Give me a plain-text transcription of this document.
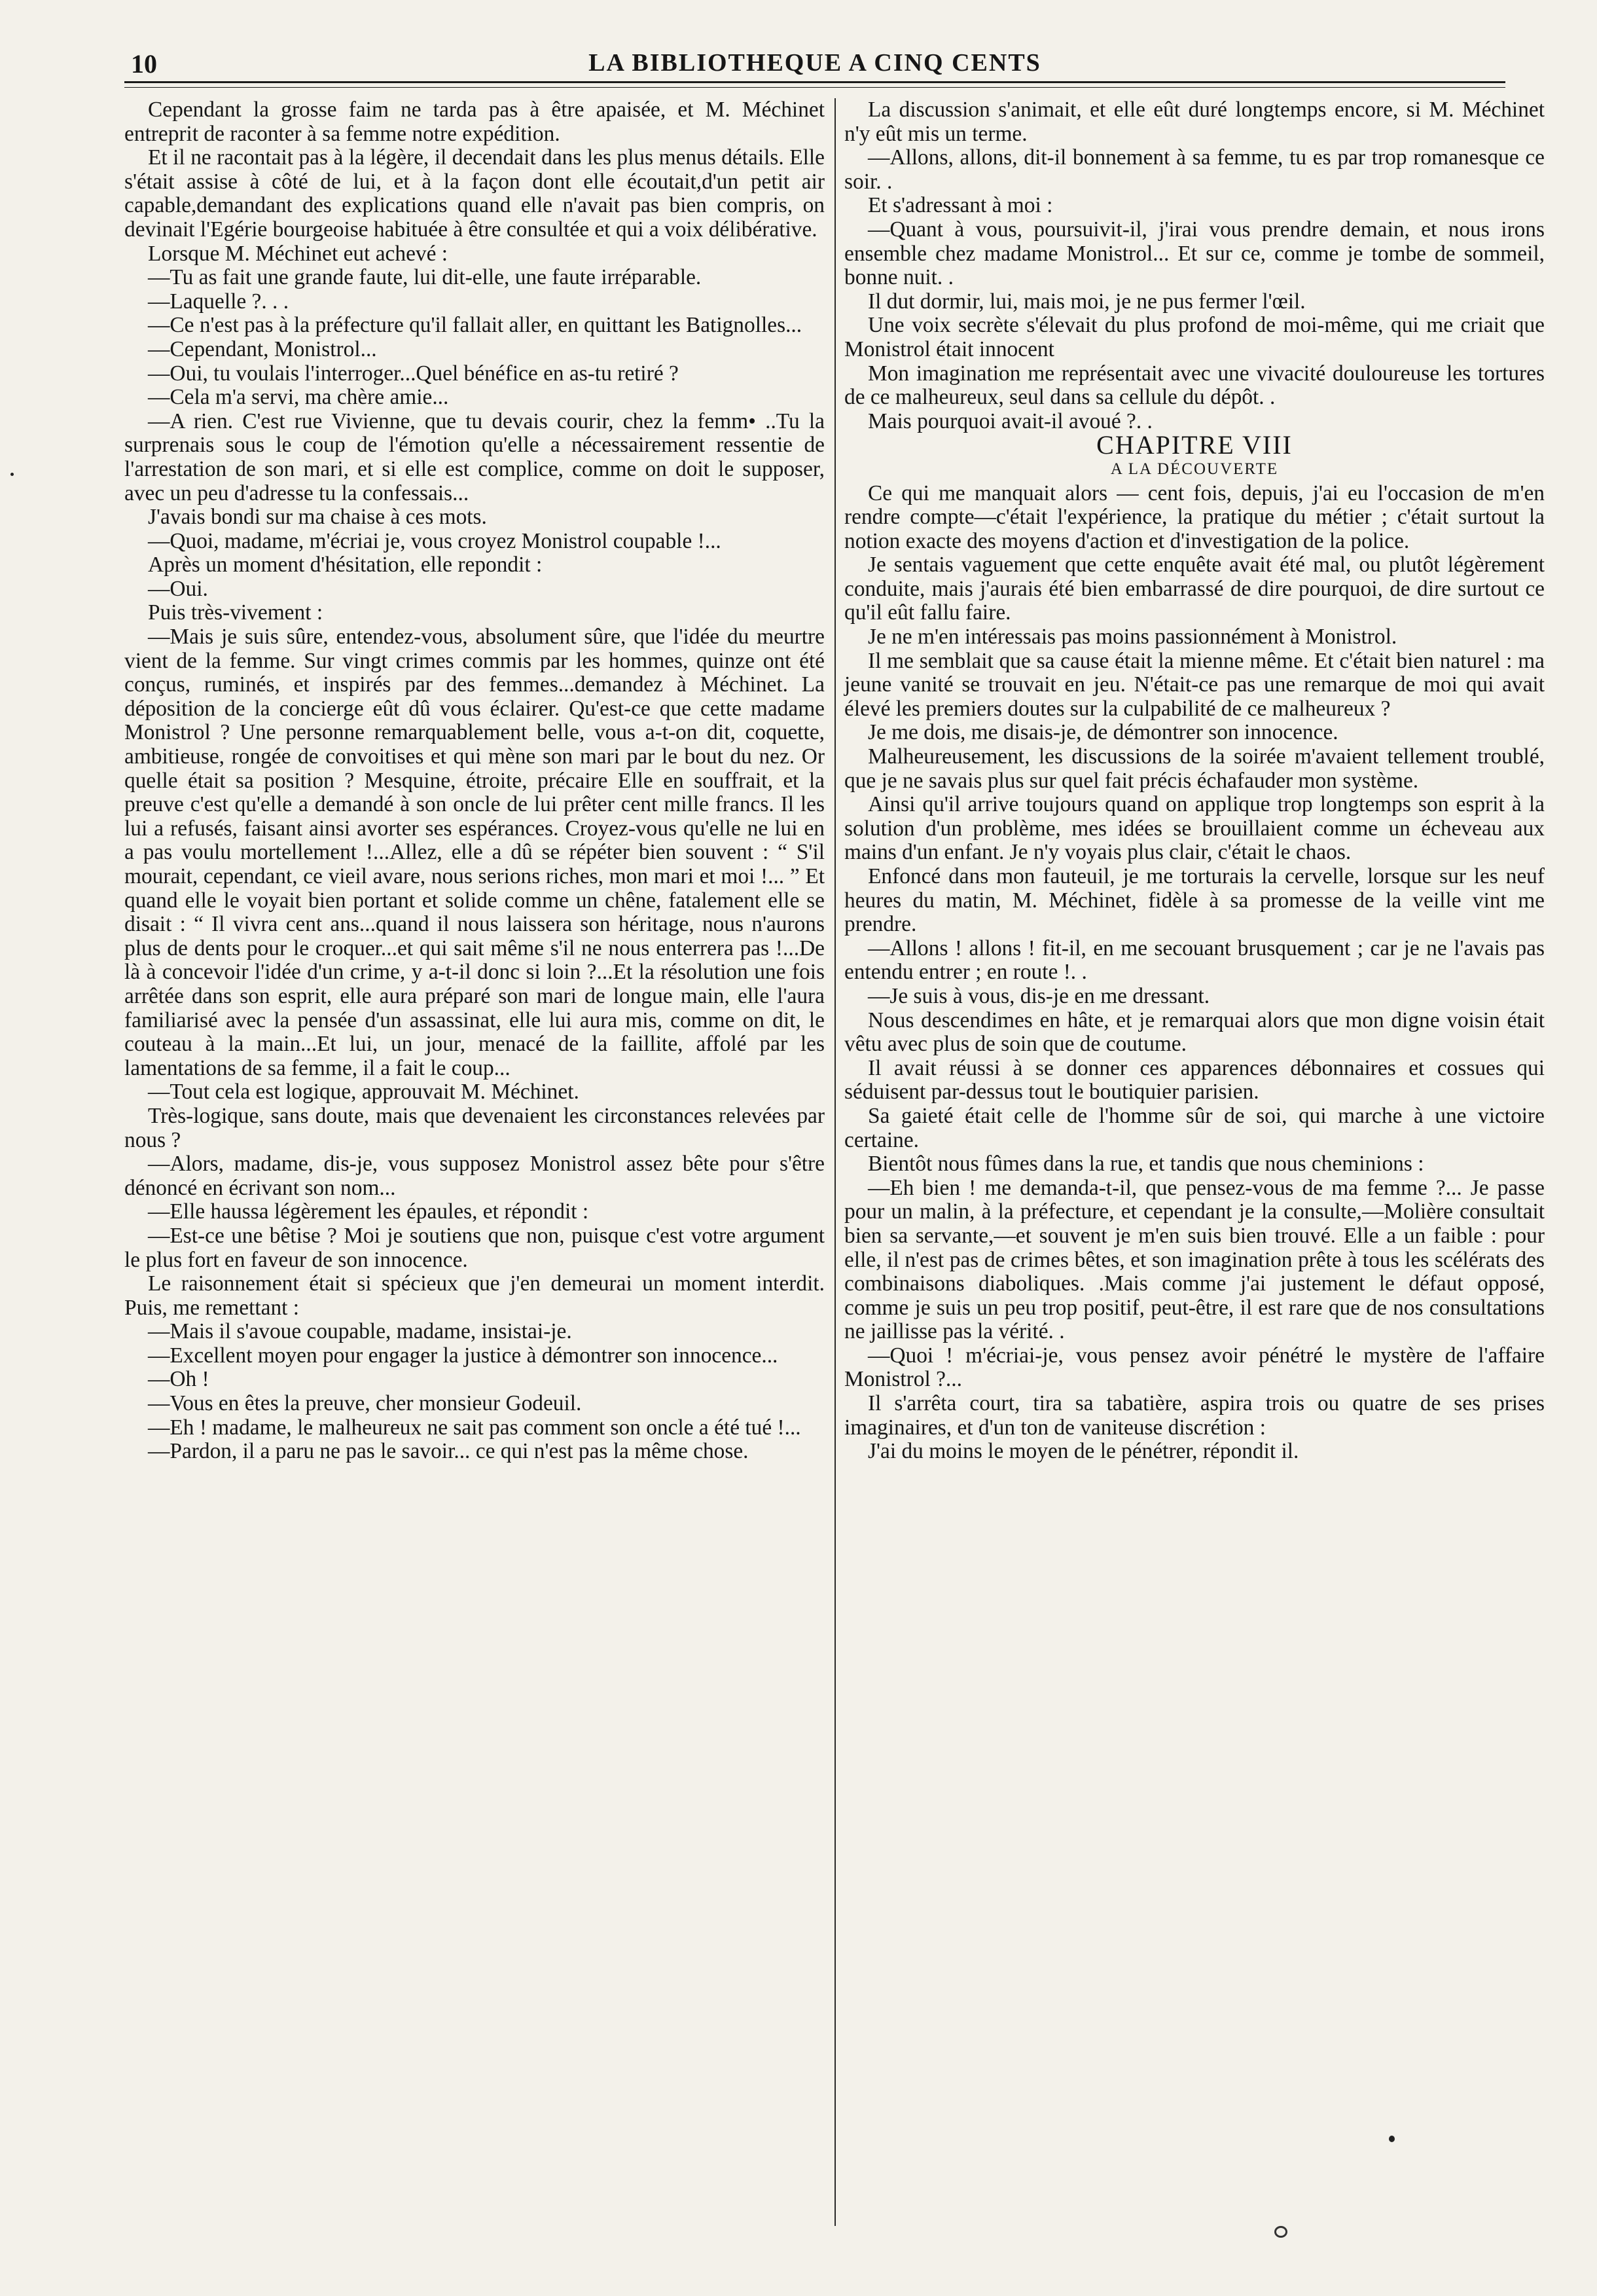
10	LA BIBLIOTHEQUE A CINQ CENTS

Cependant la grosse faim ne tarda pas à être apaisée, et M. Méchinet entreprit de raconter à sa femme notre expédition.

Et il ne racontait pas à la légère, il decendait dans les plus menus détails. Elle s'était assise à côté de lui, et à la façon dont elle écoutait,d'un petit air capable,demandant des explications quand elle n'avait pas bien compris, on devinait l'Egérie bourgeoise habituée à être consultée et qui a voix délibérative.

Lorsque M. Méchinet eut achevé :

—Tu as fait une grande faute, lui dit-elle, une faute irréparable.

—Laquelle ?. . .

—Ce n'est pas à la préfecture qu'il fallait aller, en quittant les Batignolles...

—Cependant, Monistrol...

—Oui, tu voulais l'interroger...Quel bénéfice en as-tu retiré ?

—Cela m'a servi, ma chère amie...

—A rien. C'est rue Vivienne, que tu devais courir, chez la femm• ..Tu la surprenais sous le coup de l'émotion qu'elle a nécessairement ressentie de l'arrestation de son mari, et si elle est complice, comme on doit le supposer, avec un peu d'adresse tu la confessais...

J'avais bondi sur ma chaise à ces mots.

—Quoi, madame, m'écriai je, vous croyez Monistrol coupable !...

Après un moment d'hésitation, elle repondit :

—Oui.

Puis très-vivement :

—Mais je suis sûre, entendez-vous, absolument sûre, que l'idée du meurtre vient de la femme. Sur vingt crimes commis par les hommes, quinze ont été conçus, ruminés, et inspirés par des femmes...demandez à Méchinet. La déposition de la concierge eût dû vous éclairer. Qu'est-ce que cette madame Monistrol ? Une personne remarquablement belle, vous a-t-on dit, coquette, ambitieuse, rongée de convoitises et qui mène son mari par le bout du nez. Or quelle était sa position ? Mesquine, étroite, précaire Elle en souffrait, et la preuve c'est qu'elle a demandé à son oncle de lui prêter cent mille francs. Il les lui a refusés, faisant ainsi avorter ses espérances. Croyez-vous qu'elle ne lui en a pas voulu mortellement !...Allez, elle a dû se répéter bien souvent : “ S'il mourait, cependant, ce vieil avare, nous serions riches, mon mari et moi !... ” Et quand elle le voyait bien portant et solide comme un chêne, fatalement elle se disait : “ Il vivra cent ans...quand il nous laissera son héritage, nous n'aurons plus de dents pour le croquer...et qui sait même s'il ne nous enterrera pas !...De là à concevoir l'idée d'un crime, y a-t-il donc si loin ?...Et la résolution une fois arrêtée dans son esprit, elle aura préparé son mari de longue main, elle l'aura familiarisé avec la pensée d'un assassinat, elle lui aura mis, comme on dit, le couteau à la main...Et lui, un jour, menacé de la faillite, affolé par les lamentations de sa femme, il a fait le coup...

—Tout cela est logique, approuvait M. Méchinet.

Très-logique, sans doute, mais que devenaient les circonstances relevées par nous ?

—Alors, madame, dis-je, vous supposez Monistrol assez bête pour s'être dénoncé en écrivant son nom...

—Elle haussa légèrement les épaules, et répondit :

—Est-ce une bêtise ? Moi je soutiens que non, puisque c'est votre argument le plus fort en faveur de son innocence.

Le raisonnement était si spécieux que j'en demeurai un moment interdit. Puis, me remettant :

—Mais il s'avoue coupable, madame, insistai-je.

—Excellent moyen pour engager la justice à démontrer son innocence...

—Oh !

—Vous en êtes la preuve, cher monsieur Godeuil.

—Eh ! madame, le malheureux ne sait pas comment son oncle a été tué !...

—Pardon, il a paru ne pas le savoir... ce qui n'est pas la même chose.

La discussion s'animait, et elle eût duré longtemps encore, si M. Méchinet n'y eût mis un terme.

—Allons, allons, dit-il bonnement à sa femme, tu es par trop romanesque ce soir. .

Et s'adressant à moi :

—Quant à vous, poursuivit-il, j'irai vous prendre demain, et nous irons ensemble chez madame Monistrol... Et sur ce, comme je tombe de sommeil, bonne nuit. .

Il dut dormir, lui, mais moi, je ne pus fermer l'œil.

Une voix secrète s'élevait du plus profond de moi-même, qui me criait que Monistrol était innocent

Mon imagination me représentait avec une vivacité douloureuse les tortures de ce malheureux, seul dans sa cellule du dépôt. .

Mais pourquoi avait-il avoué ?. .

CHAPITRE VIII

A LA DÉCOUVERTE

Ce qui me manquait alors — cent fois, depuis, j'ai eu l'occasion de m'en rendre compte—c'était l'expérience, la pratique du métier ; c'était surtout la notion exacte des moyens d'action et d'investigation de la police.

Je sentais vaguement que cette enquête avait été mal, ou plutôt légèrement conduite, mais j'aurais été bien embarrassé de dire pourquoi, de dire surtout ce qu'il eût fallu faire.

Je ne m'en intéressais pas moins passionnément à Monistrol.

Il me semblait que sa cause était la mienne même. Et c'était bien naturel : ma jeune vanité se trouvait en jeu. N'était-ce pas une remarque de moi qui avait élevé les premiers doutes sur la culpabilité de ce malheureux ?

Je me dois, me disais-je, de démontrer son innocence.

Malheureusement, les discussions de la soirée m'avaient tellement troublé, que je ne savais plus sur quel fait précis échafauder mon système.

Ainsi qu'il arrive toujours quand on applique trop longtemps son esprit à la solution d'un problème, mes idées se brouillaient comme un écheveau aux mains d'un enfant. Je n'y voyais plus clair, c'était le chaos.

Enfoncé dans mon fauteuil, je me torturais la cervelle, lorsque sur les neuf heures du matin, M. Méchinet, fidèle à sa promesse de la veille vint me prendre.

—Allons ! allons ! fit-il, en me secouant brusquement ; car je ne l'avais pas entendu entrer ; en route !. .

—Je suis à vous, dis-je en me dressant.

Nous descendimes en hâte, et je remarquai alors que mon digne voisin était vêtu avec plus de soin que de coutume.

Il avait réussi à se donner ces apparences débonnaires et cossues qui séduisent par-dessus tout le boutiquier parisien.

Sa gaieté était celle de l'homme sûr de soi, qui marche à une victoire certaine.

Bientôt nous fûmes dans la rue, et tandis que nous cheminions :

—Eh bien ! me demanda-t-il, que pensez-vous de ma femme ?... Je passe pour un malin, à la préfecture, et cependant je la consulte,—Molière consultait bien sa servante,—et souvent je m'en suis bien trouvé. Elle a un faible : pour elle, il n'est pas de crimes bêtes, et son imagination prête à tous les scélérats des combinaisons diaboliques. .Mais comme j'ai justement le défaut opposé, comme je suis un peu trop positif, peut-être, il est rare que de nos consultations ne jaillisse pas la vérité. .

—Quoi ! m'écriai-je, vous pensez avoir pénétré le mystère de l'affaire Monistrol ?...

Il s'arrêta court, tira sa tabatière, aspira trois ou quatre de ses prises imaginaires, et d'un ton de vaniteuse discrétion :

J'ai du moins le moyen de le pénétrer, répondit il.
